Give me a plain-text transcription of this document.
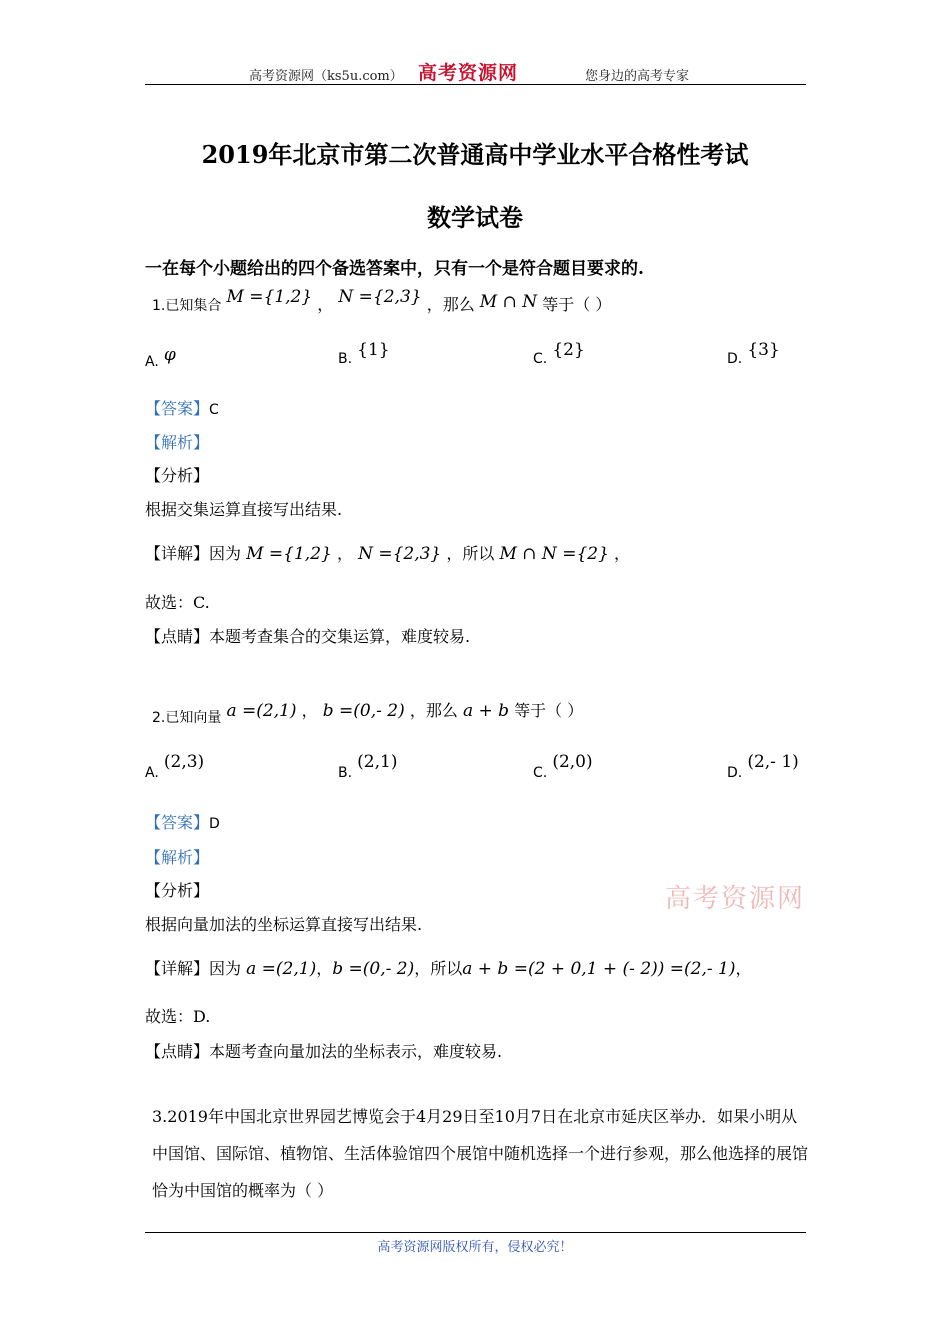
高考资源网（ks5u.com） 高考资源网	您身边的高考专家
2019年北京市第二次普通高中学业水平合格性考试
数学试卷
一在每个小题给出的四个备选答案中，只有一个是符合题目要求的.
1.已知集合 M ={1,2} ， N ={2,3} ，那么 M ∩ N 等于（ ）
A. φ	B. {1}	C. {2}	D. {3}
【答案】C
【解析】
【分析】
根据交集运算直接写出结果.
【详解】因为 M ={1,2} ， N ={2,3} ，所以 M ∩ N ={2} ，
故选：C.
【点睛】本题考查集合的交集运算，难度较易.
2.已知向量 a =(2,1) ， b =(0,- 2) ，那么 a + b 等于（ ）
A. (2,3)
B. (2,1)
C. (2,0)
D. (2,- 1)
【答案】D
【解析】
【分析】
根据向量加法的坐标运算直接写出结果.
高考资源网
【详解】因为 a =(2,1)，b =(0,- 2)，所以a + b =(2 + 0,1 + (- 2)) =(2,- 1)，
故选：D.
【点睛】本题考查向量加法的坐标表示，难度较易.
3.2019年中国北京世界园艺博览会于4月29日至10月7日在北京市延庆区举办．如果小明从中国馆、国际馆、植物馆、生活体验馆四个展馆中随机选择一个进行参观，那么他选择的展馆恰为中国馆的概率为（ ）
高考资源网版权所有，侵权必究！
